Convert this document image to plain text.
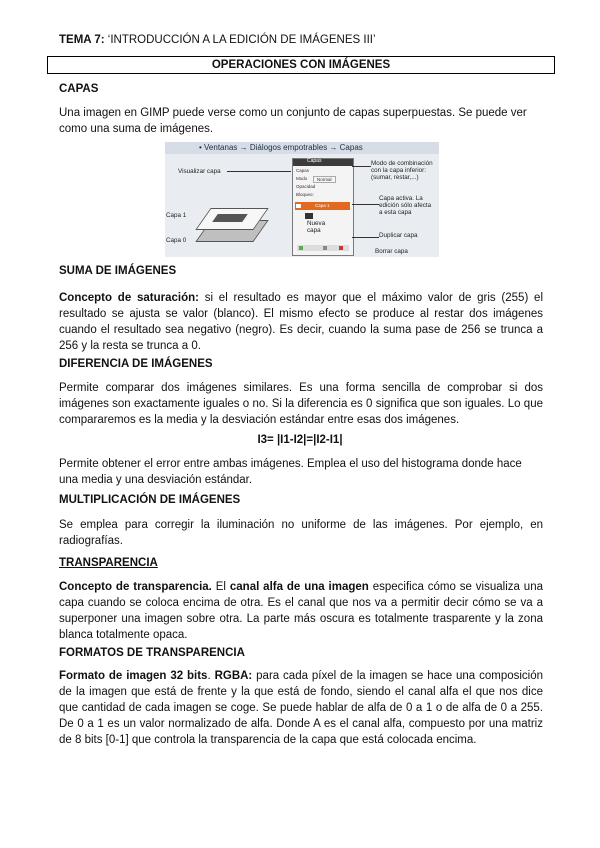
TEMA 7: ‘INTRODUCCIÓN A LA EDICIÓN DE IMÁGENES III’
OPERACIONES CON IMÁGENES
CAPAS

Una imagen en GIMP puede verse como un conjunto de capas superpuestas. Se puede ver como una suma de imágenes.

• Ventanas → Diálogos empotrables → Capas
Capas
Capas
Modo	Normal
Opacidad
Bloqueo:
Capa 1
Visualizar capa
Modo de combinación con la capa inferior: (sumar, restar,...)
Capa activa. La edición sólo afecta a esta capa
Nueva capa
Duplicar capa
Borrar capa
Capa 1
Capa 0
SUMA DE IMÁGENES

Concepto de saturación: si el resultado es mayor que el máximo valor de gris (255) el resultado se ajusta se valor (blanco). El mismo efecto se produce al restar dos imágenes cuando el resultado sea negativo (negro). Es decir, cuando la suma pase de 256 se trunca a 256 y la resta se trunca a 0.

DIFERENCIA DE IMÁGENES

Permite comparar dos imágenes similares. Es una forma sencilla de comprobar si dos imágenes son exactamente iguales o no. Si la diferencia es 0 significa que son iguales. Lo que compararemos es la media y la desviación estándar entre esas dos imágenes.

I3= |I1-I2|=|I2-I1|

Permite obtener el error entre ambas imágenes. Emplea el uso del histograma donde hace una media y una desviación estándar.

MULTIPLICACIÓN DE IMÁGENES

Se emplea para corregir la iluminación no uniforme de las imágenes. Por ejemplo, en radiografías.

TRANSPARENCIA

Concepto de transparencia. El canal alfa de una imagen especifica cómo se visualiza una capa cuando se coloca encima de otra. Es el canal que nos va a permitir decir cómo se va a superponer una imagen sobre otra. La parte más oscura es totalmente trasparente y la zona blanca totalmente opaca.

FORMATOS DE TRANSPARENCIA

Formato de imagen 32 bits. RGBA: para cada píxel de la imagen se hace una composición de la imagen que está de frente y la que está de fondo, siendo el canal alfa el que nos dice que cantidad de cada imagen se coge. Se puede hablar de alfa de 0 a 1 o de alfa de 0 a 255. De 0 a 1 es un valor normalizado de alfa. Donde A es el canal alfa, compuesto por una matriz de 8 bits [0-1] que controla la transparencia de la capa que está colocada encima.
